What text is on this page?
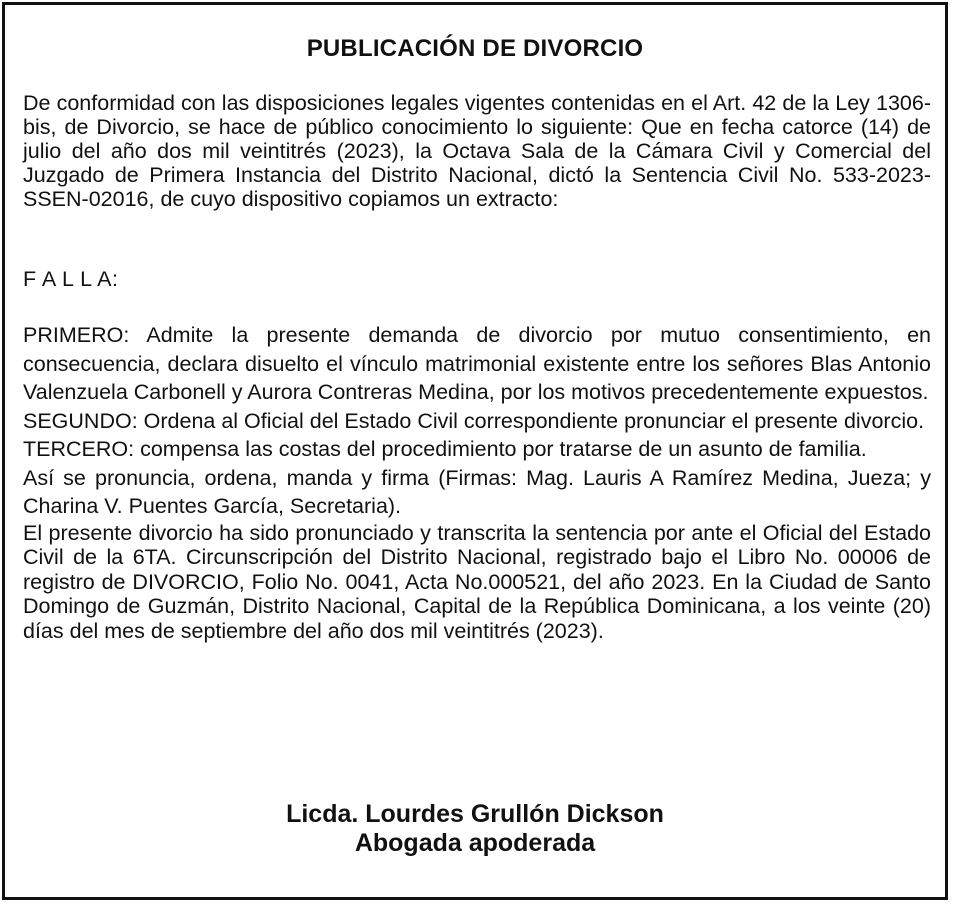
PUBLICACIÓN DE DIVORCIO

De conformidad con las disposiciones legales vigentes contenidas en el Art. 42 de la Ley 1306-bis, de Divorcio, se hace de público conocimiento lo siguiente: Que en fecha catorce (14) de julio del año dos mil veintitrés (2023), la Octava Sala de la Cámara Civil y Comercial del Juzgado de Primera Instancia del Distrito Nacional, dictó la Sentencia Civil No. 533-2023-SSEN-02016, de cuyo dispositivo copiamos un extracto:

F A L L A:

PRIMERO: Admite la presente demanda de divorcio por mutuo consentimiento, en consecuencia, declara disuelto el vínculo matrimonial existente entre los señores Blas Antonio Valenzuela Carbonell y Aurora Contreras Medina, por los motivos precedentemente expuestos.

SEGUNDO: Ordena al Oficial del Estado Civil correspondiente pronunciar el presente divorcio.

TERCERO: compensa las costas del procedimiento por tratarse de un asunto de familia.

Así se pronuncia, ordena, manda y firma (Firmas: Mag. Lauris A Ramírez Medina, Jueza; y Charina V. Puentes García, Secretaria).

El presente divorcio ha sido pronunciado y transcrita la sentencia por ante el Oficial del Estado Civil de la 6TA. Circunscripción del Distrito Nacional, registrado bajo el Libro No. 00006 de registro de DIVORCIO, Folio No. 0041, Acta No.000521, del año 2023. En la Ciudad de Santo Domingo de Guzmán, Distrito Nacional, Capital de la República Dominicana, a los veinte (20) días del mes de septiembre del año dos mil veintitrés (2023).

Licda. Lourdes Grullón Dickson
Abogada apoderada
